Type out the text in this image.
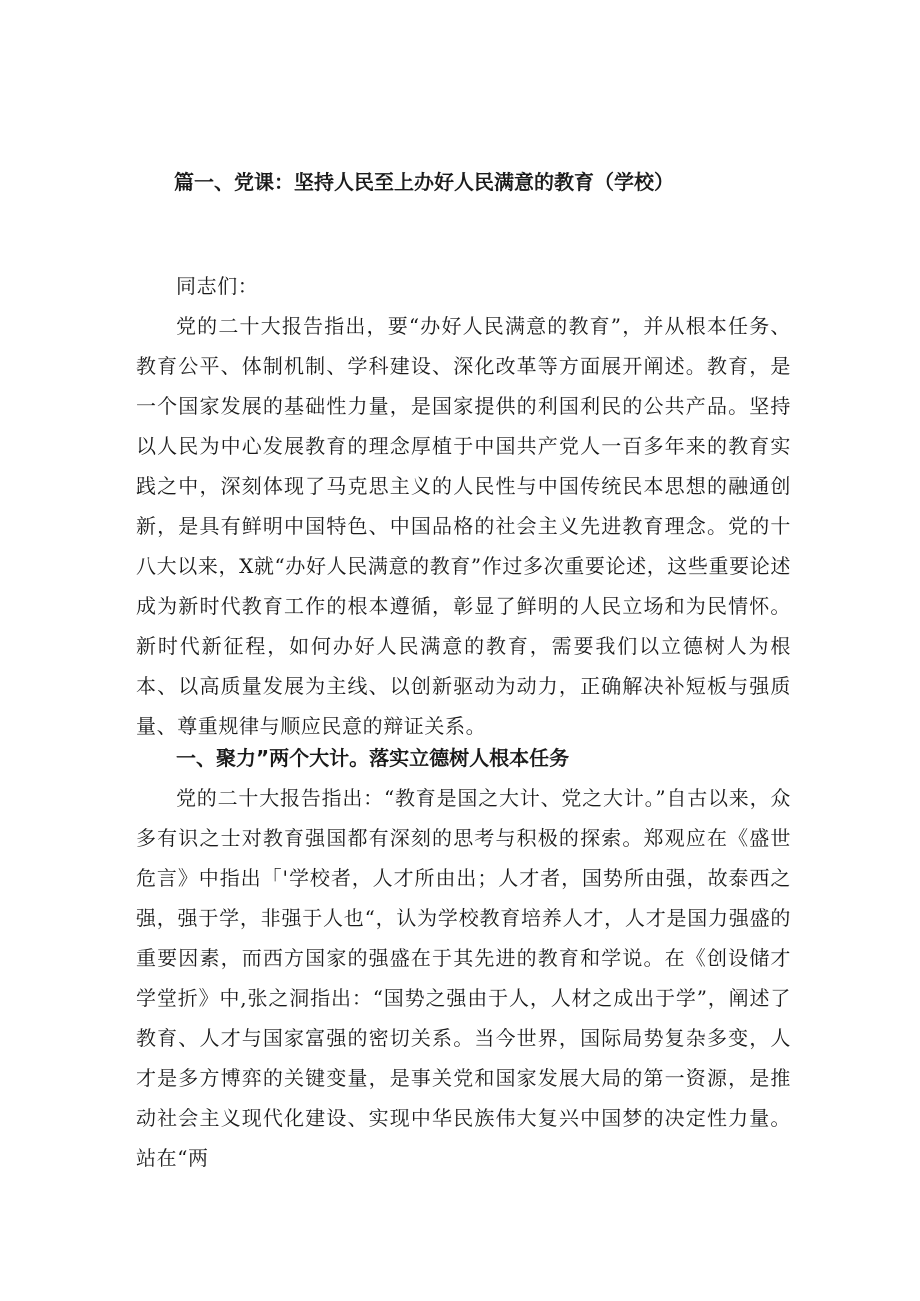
篇一、党课：坚持人民至上办好人民满意的教育（学校）
同志们：
党的二十大报告指出，要“办好人民满意的教育”，并从根本任务、教育公平、体制机制、学科建设、深化改革等方面展开阐述。教育，是一个国家发展的基础性力量，是国家提供的利国利民的公共产品。坚持以人民为中心发展教育的理念厚植于中国共产党人一百多年来的教育实践之中，深刻体现了马克思主义的人民性与中国传统民本思想的融通创新，是具有鲜明中国特色、中国品格的社会主义先进教育理念。党的十八大以来，X就“办好人民满意的教育”作过多次重要论述，这些重要论述成为新时代教育工作的根本遵循，彰显了鲜明的人民立场和为民情怀。新时代新征程，如何办好人民满意的教育，需要我们以立德树人为根本、以高质量发展为主线、以创新驱动为动力，正确解决补短板与强质量、尊重规律与顺应民意的辩证关系。
一、聚力”两个大计。落实立德树人根本任务
党的二十大报告指出：“教育是国之大计、党之大计。”自古以来，众多有识之士对教育强国都有深刻的思考与积极的探索。郑观应在《盛世危言》中指出「'学校者，人才所由出；人才者，国势所由强，故泰西之强，强于学，非强于人也“，认为学校教育培养人才，人才是国力强盛的重要因素，而西方国家的强盛在于其先进的教育和学说。在《创设储才学堂折》中,张之洞指出：“国势之强由于人，人材之成出于学”，阐述了教育、人才与国家富强的密切关系。当今世界，国际局势复杂多变，人才是多方博弈的关键变量，是事关党和国家发展大局的第一资源，是推动社会主义现代化建设、实现中华民族伟大复兴中国梦的决定性力量。站在“两
